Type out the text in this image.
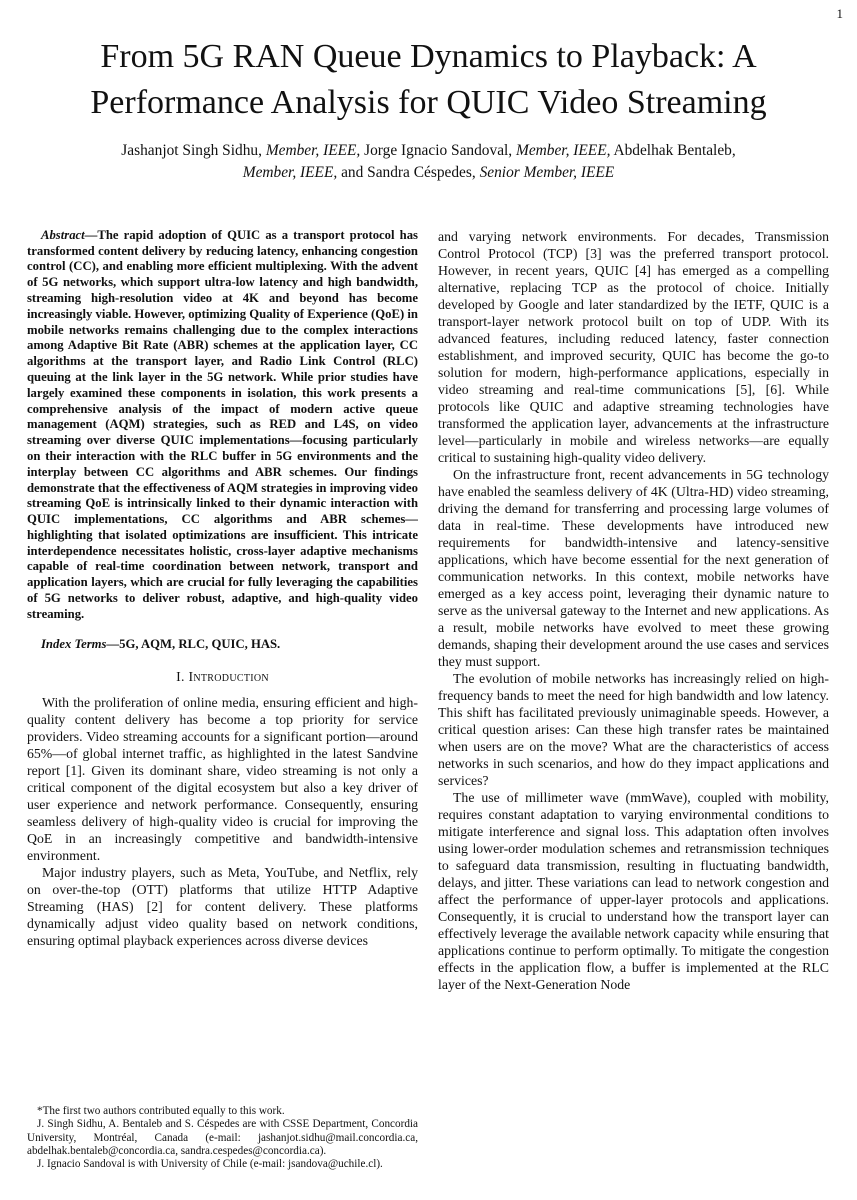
1
From 5G RAN Queue Dynamics to Playback: A
Performance Analysis for QUIC Video Streaming
Jashanjot Singh Sidhu, Member, IEEE, Jorge Ignacio Sandoval, Member, IEEE, Abdelhak Bentaleb, Member, IEEE, and Sandra Céspedes, Senior Member, IEEE

Abstract—The rapid adoption of QUIC as a transport protocol has transformed content delivery by reducing latency, enhancing congestion control (CC), and enabling more efficient multiplexing. With the advent of 5G networks, which support ultra-low latency and high bandwidth, streaming high-resolution video at 4K and beyond has become increasingly viable. However, optimizing Quality of Experience (QoE) in mobile networks remains challenging due to the complex interactions among Adaptive Bit Rate (ABR) schemes at the application layer, CC algorithms at the transport layer, and Radio Link Control (RLC) queuing at the link layer in the 5G network. While prior studies have largely examined these components in isolation, this work presents a comprehensive analysis of the impact of modern active queue management (AQM) strategies, such as RED and L4S, on video streaming over diverse QUIC implementations—focusing particularly on their interaction with the RLC buffer in 5G environments and the interplay between CC algorithms and ABR schemes. Our findings demonstrate that the effectiveness of AQM strategies in improving video streaming QoE is intrinsically linked to their dynamic interaction with QUIC implementations, CC algorithms and ABR schemes—highlighting that isolated optimizations are insufficient. This intricate interdependence necessitates holistic, cross-layer adaptive mechanisms capable of real-time coordination between network, transport and application layers, which are crucial for fully leveraging the capabilities of 5G networks to deliver robust, adaptive, and high-quality video streaming.

Index Terms—5G, AQM, RLC, QUIC, HAS.

I. Introduction

With the proliferation of online media, ensuring efficient and high-quality content delivery has become a top priority for service providers. Video streaming accounts for a significant portion—around 65%—of global internet traffic, as highlighted in the latest Sandvine report [1]. Given its dominant share, video streaming is not only a critical component of the digital ecosystem but also a key driver of user experience and network performance. Consequently, ensuring seamless delivery of high-quality video is crucial for improving the QoE in an increasingly competitive and bandwidth-intensive environment.

Major industry players, such as Meta, YouTube, and Netflix, rely on over-the-top (OTT) platforms that utilize HTTP Adaptive Streaming (HAS) [2] for content delivery. These platforms dynamically adjust video quality based on network conditions, ensuring optimal playback experiences across diverse devices

*The first two authors contributed equally to this work.

J. Singh Sidhu, A. Bentaleb and S. Céspedes are with CSSE Department, Concordia University, Montréal, Canada (e-mail: jashanjot.sidhu@mail.concordia.ca, abdelhak.bentaleb@concordia.ca, sandra.cespedes@concordia.ca).

J. Ignacio Sandoval is with University of Chile (e-mail: jsandova@uchile.cl).

and varying network environments. For decades, Transmission Control Protocol (TCP) [3] was the preferred transport protocol. However, in recent years, QUIC [4] has emerged as a compelling alternative, replacing TCP as the protocol of choice. Initially developed by Google and later standardized by the IETF, QUIC is a transport-layer network protocol built on top of UDP. With its advanced features, including reduced latency, faster connection establishment, and improved security, QUIC has become the go-to solution for modern, high-performance applications, especially in video streaming and real-time communications [5], [6]. While protocols like QUIC and adaptive streaming technologies have transformed the application layer, advancements at the infrastructure level—particularly in mobile and wireless networks—are equally critical to sustaining high-quality video delivery.

On the infrastructure front, recent advancements in 5G technology have enabled the seamless delivery of 4K (Ultra-HD) video streaming, driving the demand for transferring and processing large volumes of data in real-time. These developments have introduced new requirements for bandwidth-intensive and latency-sensitive applications, which have become essential for the next generation of communication networks. In this context, mobile networks have emerged as a key access point, leveraging their dynamic nature to serve as the universal gateway to the Internet and new applications. As a result, mobile networks have evolved to meet these growing demands, shaping their development around the use cases and services they must support.

The evolution of mobile networks has increasingly relied on high-frequency bands to meet the need for high bandwidth and low latency. This shift has facilitated previously unimaginable speeds. However, a critical question arises: Can these high transfer rates be maintained when users are on the move? What are the characteristics of access networks in such scenarios, and how do they impact applications and services?

The use of millimeter wave (mmWave), coupled with mobility, requires constant adaptation to varying environmental conditions to mitigate interference and signal loss. This adaptation often involves using lower-order modulation schemes and retransmission techniques to safeguard data transmission, resulting in fluctuating bandwidth, delays, and jitter. These variations can lead to network congestion and affect the performance of upper-layer protocols and applications. Consequently, it is crucial to understand how the transport layer can effectively leverage the available network capacity while ensuring that applications continue to perform optimally. To mitigate the congestion effects in the application flow, a buffer is implemented at the RLC layer of the Next-Generation Node
